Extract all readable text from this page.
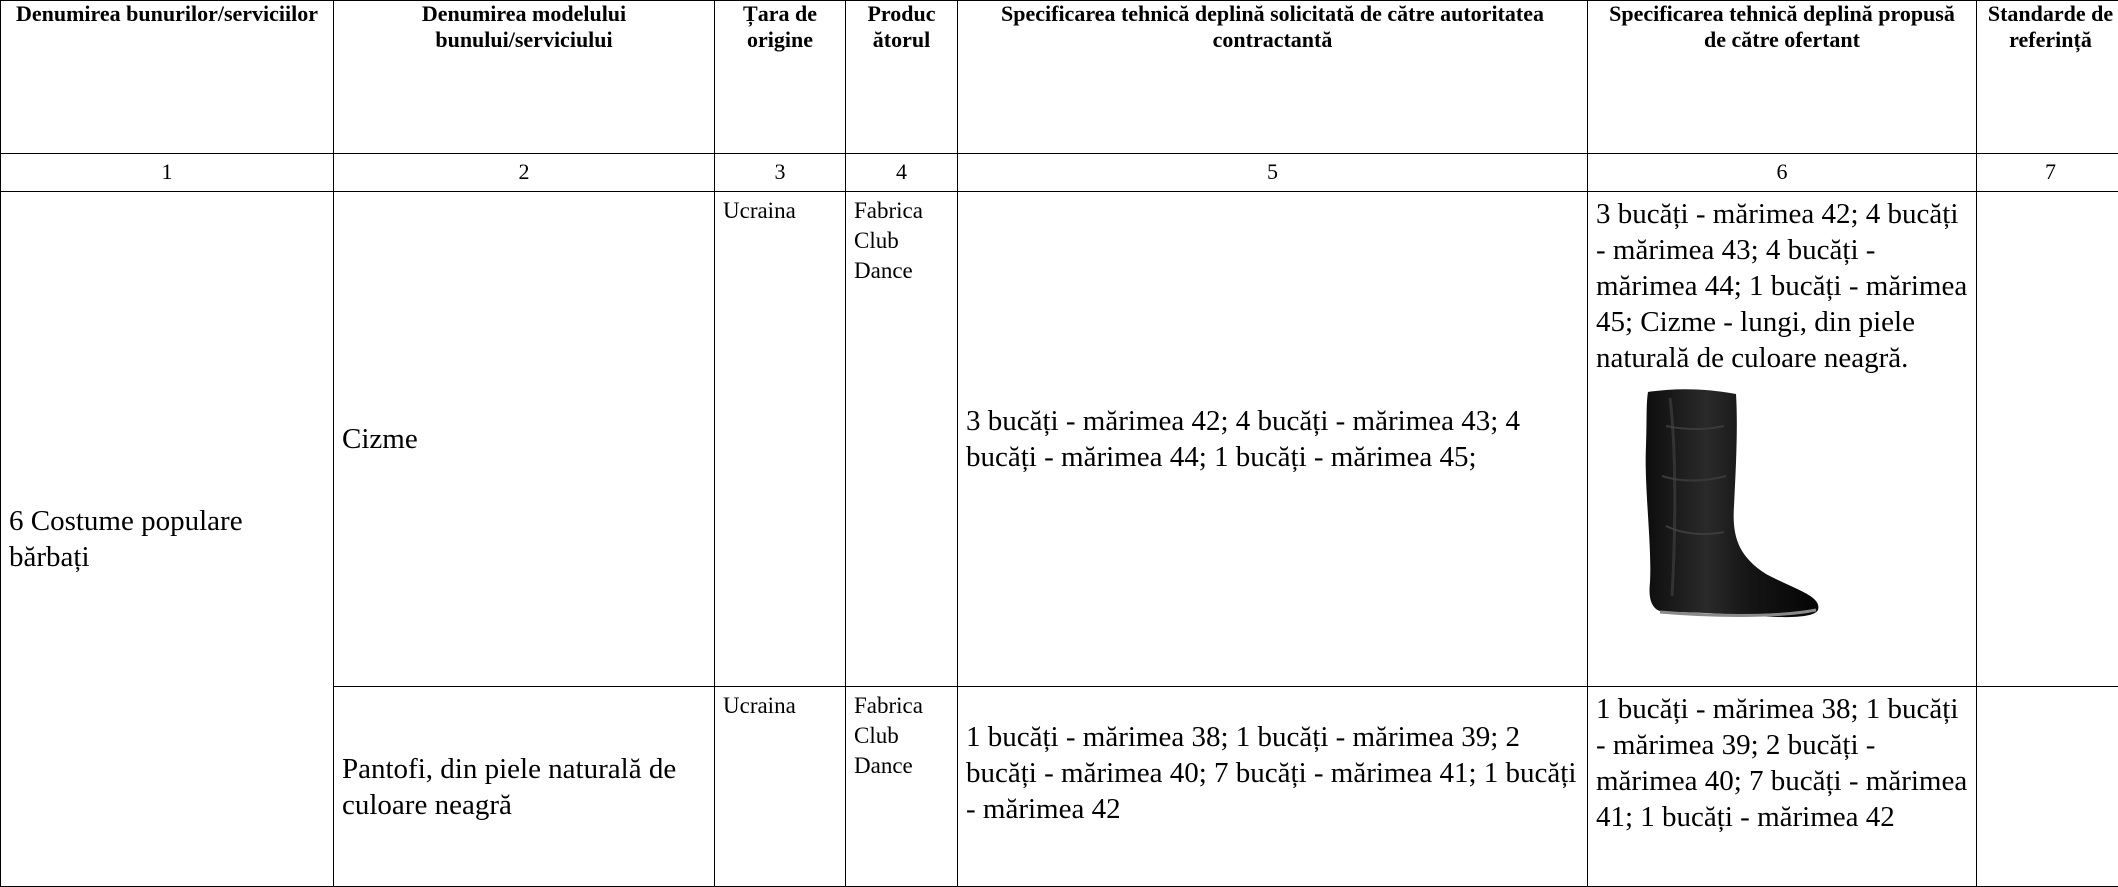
Denumirea bunurilor/serviciilor	Denumirea modelului bunului/serviciului	Țara de origine	Produc ătorul	Specificarea tehnică deplină solicitată de către autoritatea contractantă	Specificarea tehnică deplină propusă de către ofertant	Standarde de referință
1	2	3	4	5	6	7
6 Costume populare bărbați	Cizme	Ucraina	Fabrica Club Dance	3 bucăți - mărimea 42; 4 bucăți - mărimea 43; 4 bucăți - mărimea 44; 1 bucăți - mărimea 45;	3 bucăți - mărimea 42; 4 bucăți - mărimea 43; 4 bucăți - mărimea 44; 1 bucăți - mărimea 45; Cizme - lungi, din piele naturală de culoare neagră.	

	Pantofi, din piele naturală de culoare neagră	Ucraina	Fabrica Club Dance	1 bucăți - mărimea 38; 1 bucăți - mărimea 39; 2 bucăți - mărimea 40; 7 bucăți - mărimea 41; 1 bucăți - mărimea 42	1 bucăți - mărimea 38; 1 bucăți - mărimea 39; 2 bucăți - mărimea 40; 7 bucăți - mărimea 41; 1 bucăți - mărimea 42	
